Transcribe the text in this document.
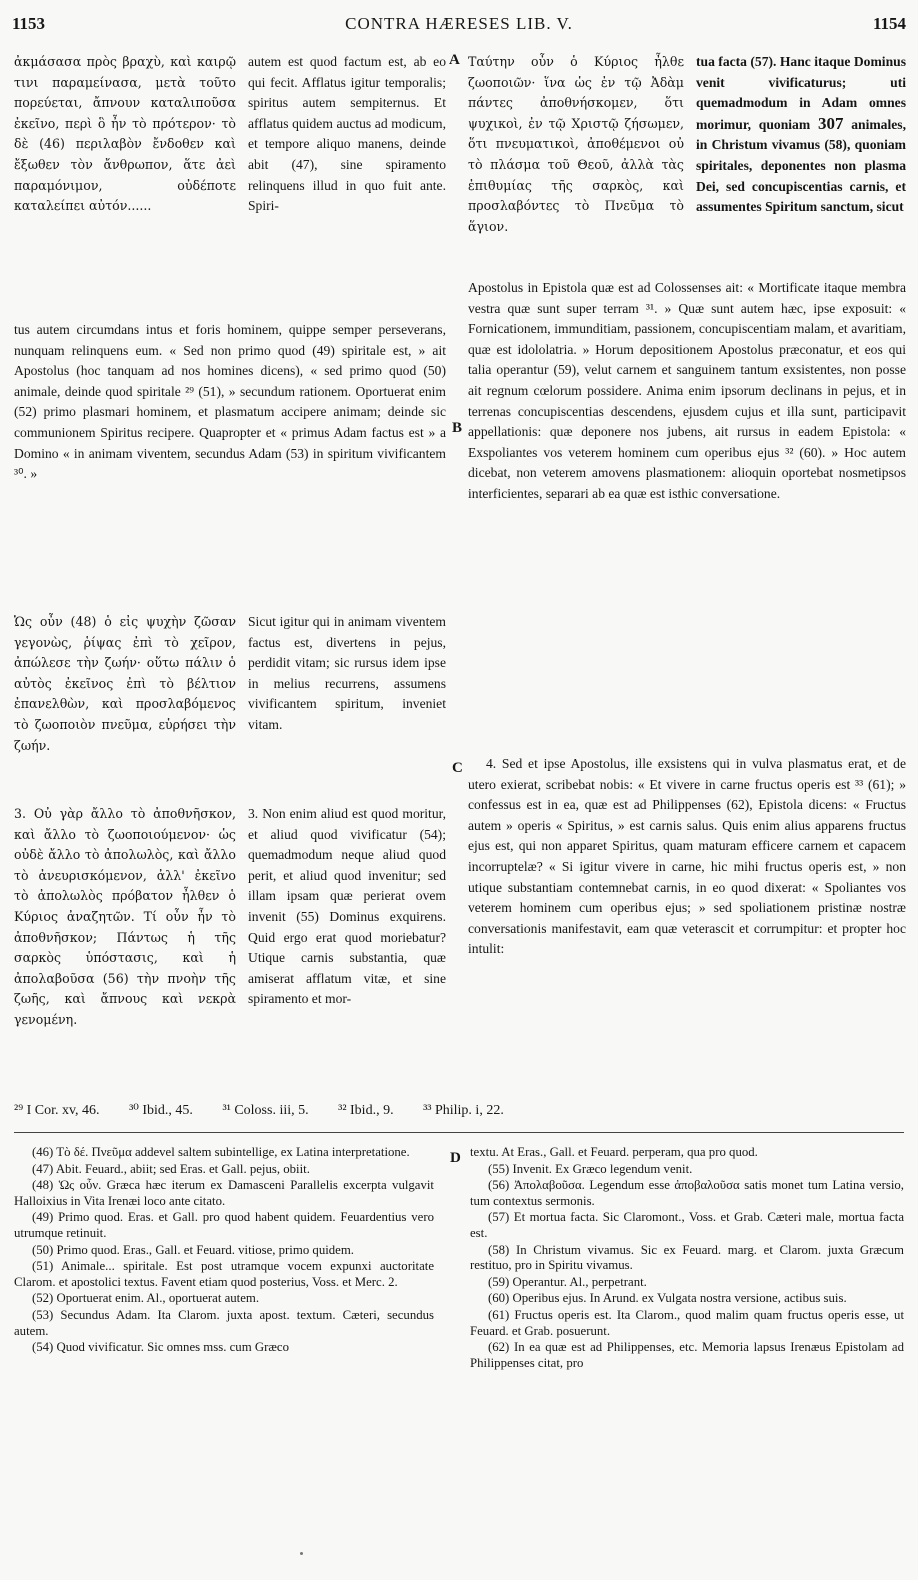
1153	CONTRA HÆRESES LIB. V.	1154
A
B
C
D
ἀκμάσασα πρὸς βραχὺ, καὶ καιρῷ τινι παραμείνασα, μετὰ τοῦτο πορεύεται, ἄπνουν καταλιποῦσα ἐκεῖνο, περὶ ὃ ἦν τὸ πρότερον· τὸ δὲ (46) περιλαβὸν ἔνδοθεν καὶ ἔξωθεν τὸν ἄνθρωπον, ἅτε ἀεὶ παραμόνιμον, οὐδέποτε καταλείπει αὐτόν......
autem est quod factum est, ab eo qui fecit. Afflatus igitur temporalis; spiritus autem sempiternus. Et afflatus quidem auctus ad modicum, et tempore aliquo manens, deinde abit (47), sine spiramento relinquens illud in quo fuit ante. Spiri-
tus autem circumdans intus et foris hominem, quippe semper perseverans, nunquam relinquens eum. « Sed non primo quod (49) spiritale est, » ait Apostolus (hoc tanquam ad nos homines dicens), « sed primo quod (50) animale, deinde quod spiritale ²⁹ (51), » secundum rationem. Oportuerat enim (52) primo plasmari hominem, et plasmatum accipere animam; deinde sic communionem Spiritus recipere. Quapropter et « primus Adam factus est » a Domino « in animam viventem, secundus Adam (53) in spiritum vivificantem ³⁰. »
Ὡς οὖν (48) ὁ εἰς ψυχὴν ζῶσαν γεγονὼς, ῥίψας ἐπὶ τὸ χεῖρον, ἀπώλεσε τὴν ζωήν· οὕτω πάλιν ὁ αὐτὸς ἐκεῖνος ἐπὶ τὸ βέλτιον ἐπανελθὼν, καὶ προσλαβόμενος τὸ ζωοποιὸν πνεῦμα, εὑρήσει τὴν ζωήν.
Sicut igitur qui in animam viventem factus est, divertens in pejus, perdidit vitam; sic rursus idem ipse in melius recurrens, assumens vivificantem spiritum, inveniet vitam.
3. Οὐ γὰρ ἄλλο τὸ ἀποθνῆσκον, καὶ ἄλλο τὸ ζωοποιούμενον· ὡς οὐδὲ ἄλλο τὸ ἀπολωλὸς, καὶ ἄλλο τὸ ἀνευρισκόμενον, ἀλλ' ἐκεῖνο τὸ ἀπολωλὸς πρόβατον ἦλθεν ὁ Κύριος ἀναζητῶν. Τί οὖν ἦν τὸ ἀποθνῆσκον; Πάντως ἡ τῆς σαρκὸς ὑπόστασις, καὶ ἡ ἀπολαβοῦσα (56) τὴν πνοὴν τῆς ζωῆς, καὶ ἄπνους καὶ νεκρὰ γενομένη.
3. Non enim aliud est quod moritur, et aliud quod vivificatur (54); quemadmodum neque aliud quod perit, et aliud quod invenitur; sed illam ipsam quæ perierat ovem invenit (55) Dominus exquirens. Quid ergo erat quod moriebatur? Utique carnis substantia, quæ amiserat afflatum vitæ, et sine spiramento et mor-
Ταύτην οὖν ὁ Κύριος ἦλθε ζωοποιῶν· ἵνα ὡς ἐν τῷ Ἀδὰμ πάντες ἀποθνήσκομεν, ὅτι ψυχικοὶ, ἐν τῷ Χριστῷ ζήσωμεν, ὅτι πνευματικοὶ, ἀποθέμενοι οὐ τὸ πλάσμα τοῦ Θεοῦ, ἀλλὰ τὰς ἐπιθυμίας τῆς σαρκὸς, καὶ προσλαβόντες τὸ Πνεῦμα τὸ ἅγιον.
tua facta (57). Hanc itaque Dominus venit vivificaturus; uti quemadmodum in Adam omnes morimur, quoniam 307 animales, in Christum vivamus (58), quoniam spiritales, deponentes non plasma Dei, sed concupiscentias carnis, et assumentes Spiritum sanctum, sicut
Apostolus in Epistola quæ est ad Colossenses ait: « Mortificate itaque membra vestra quæ sunt super terram ³¹. » Quæ sunt autem hæc, ipse exposuit: « Fornicationem, immunditiam, passionem, concupiscentiam malam, et avaritiam, quæ est idololatria. » Horum depositionem Apostolus præconatur, et eos qui talia operantur (59), velut carnem et sanguinem tantum exsistentes, non posse ait regnum cœlorum possidere. Anima enim ipsorum declinans in pejus, et in terrenas concupiscentias descendens, ejusdem cujus et illa sunt, participavit appellationis: quæ deponere nos jubens, ait rursus in eadem Epistola: « Exspoliantes vos veterem hominem cum operibus ejus ³² (60). » Hoc autem dicebat, non veterem amovens plasmationem: alioquin oportebat nosmetipsos interficientes, separari ab ea quæ est isthic conversatione.
4. Sed et ipse Apostolus, ille exsistens qui in vulva plasmatus erat, et de utero exierat, scribebat nobis: « Et vivere in carne fructus operis est ³³ (61); » confessus est in ea, quæ est ad Philippenses (62), Epistola dicens: « Fructus autem » operis « Spiritus, » est carnis salus. Quis enim alius apparens fructus ejus est, qui non apparet Spiritus, quam maturam efficere carnem et capacem incorruptelæ? « Si igitur vivere in carne, hic mihi fructus operis est, » non utique substantiam contemnebat carnis, in eo quod dixerat: « Spoliantes vos veterem hominem cum operibus ejus; » sed spoliationem pristinæ nostræ conversationis manifestavit, eam quæ veterascit et corrumpitur: et propter hoc intulit:
²⁹ I Cor. xv, 46. ³⁰ Ibid., 45. ³¹ Coloss. iii, 5. ³² Ibid., 9. ³³ Philip. i, 22.

(46) Τὸ δέ. Πνεῦμα addevel saltem subintellige, ex Latina interpretatione.

(47) Abit. Feuard., abiit; sed Eras. et Gall. pejus, obiit.

(48) Ὡς οὖν. Græca hæc iterum ex Damasceni Parallelis excerpta vulgavit Halloixius in Vita Irenæi loco ante citato.

(49) Primo quod. Eras. et Gall. pro quod habent quidem. Feuardentius vero utrumque retinuit.

(50) Primo quod. Eras., Gall. et Feuard. vitiose, primo quidem.

(51) Animale... spiritale. Est post utramque vocem expunxi auctoritate Clarom. et apostolici textus. Favent etiam quod posterius, Voss. et Merc. 2.

(52) Oportuerat enim. Al., oportuerat autem.

(53) Secundus Adam. Ita Clarom. juxta apost. textum. Cæteri, secundus autem.

(54) Quod vivificatur. Sic omnes mss. cum Græco

textu. At Eras., Gall. et Feuard. perperam, qua pro quod.

(55) Invenit. Ex Græco legendum venit.

(56) Ἀπολαβοῦσα. Legendum esse ἀποβαλοῦσα satis monet tum Latina versio, tum contextus sermonis.

(57) Et mortua facta. Sic Claromont., Voss. et Grab. Cæteri male, mortua facta est.

(58) In Christum vivamus. Sic ex Feuard. marg. et Clarom. juxta Græcum restituo, pro in Spiritu vivamus.

(59) Operantur. Al., perpetrant.

(60) Operibus ejus. In Arund. ex Vulgata nostra versione, actibus suis.

(61) Fructus operis est. Ita Clarom., quod malim quam fructus operis esse, ut Feuard. et Grab. posuerunt.

(62) In ea quæ est ad Philippenses, etc. Memoria lapsus Irenæus Epistolam ad Philippenses citat, pro
